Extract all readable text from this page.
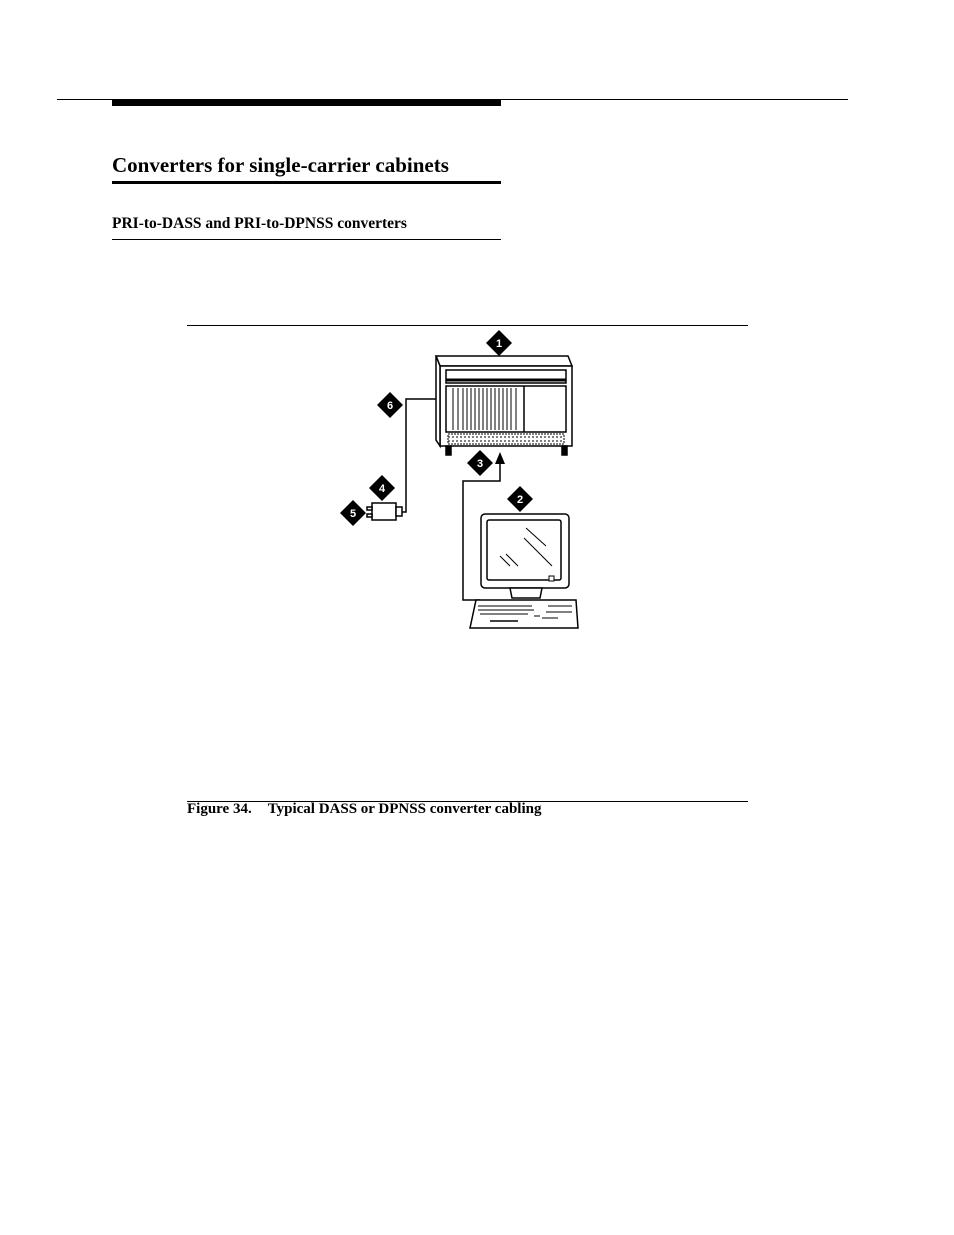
Converters for single-carrier cabinets
PRI-to-DASS and PRI-to-DPNSS converters
1
2
3
4
5
6
Figure 34. Typical DASS or DPNSS converter cabling
